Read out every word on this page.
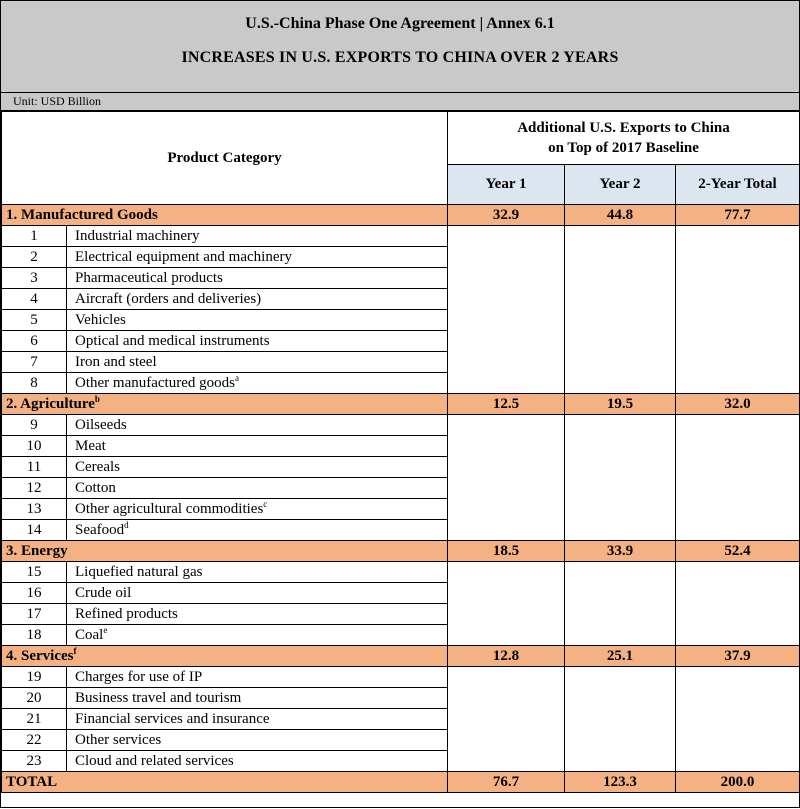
U.S.-China Phase One Agreement | Annex 6.1
INCREASES IN U.S. EXPORTS TO CHINA OVER 2 YEARS
Unit: USD Billion
Product Category		Additional U.S. Exports to China
on Top of 2017 Baseline		

		Year 1	Year 2	2-Year Total
1. Manufactured Goods		32.9	44.8	77.7
1	Industrial machinery			
2	Electrical equipment and machinery			
3	Pharmaceutical products			
4	Aircraft (orders and deliveries)			
5	Vehicles			
6	Optical and medical instruments			
7	Iron and steel			
8	Other manufactured goods$^a$
2. Agriculture$^b$		12.5	19.5	32.0
9	Oilseeds			
10	Meat			
11	Cereals			
12	Cotton			
13	Other agricultural commodities$^c$
14	Seafood$^d$
3. Energy		18.5	33.9	52.4
15	Liquefied natural gas			
16	Crude oil			
17	Refined products			
18	Coal$^e$
4. Services$^f$		12.8	25.1	37.9
19	Charges for use of IP			
20	Business travel and tourism			
21	Financial services and insurance			
22	Other services			
23	Cloud and related services			
TOTAL		76.7	123.3	200.0
